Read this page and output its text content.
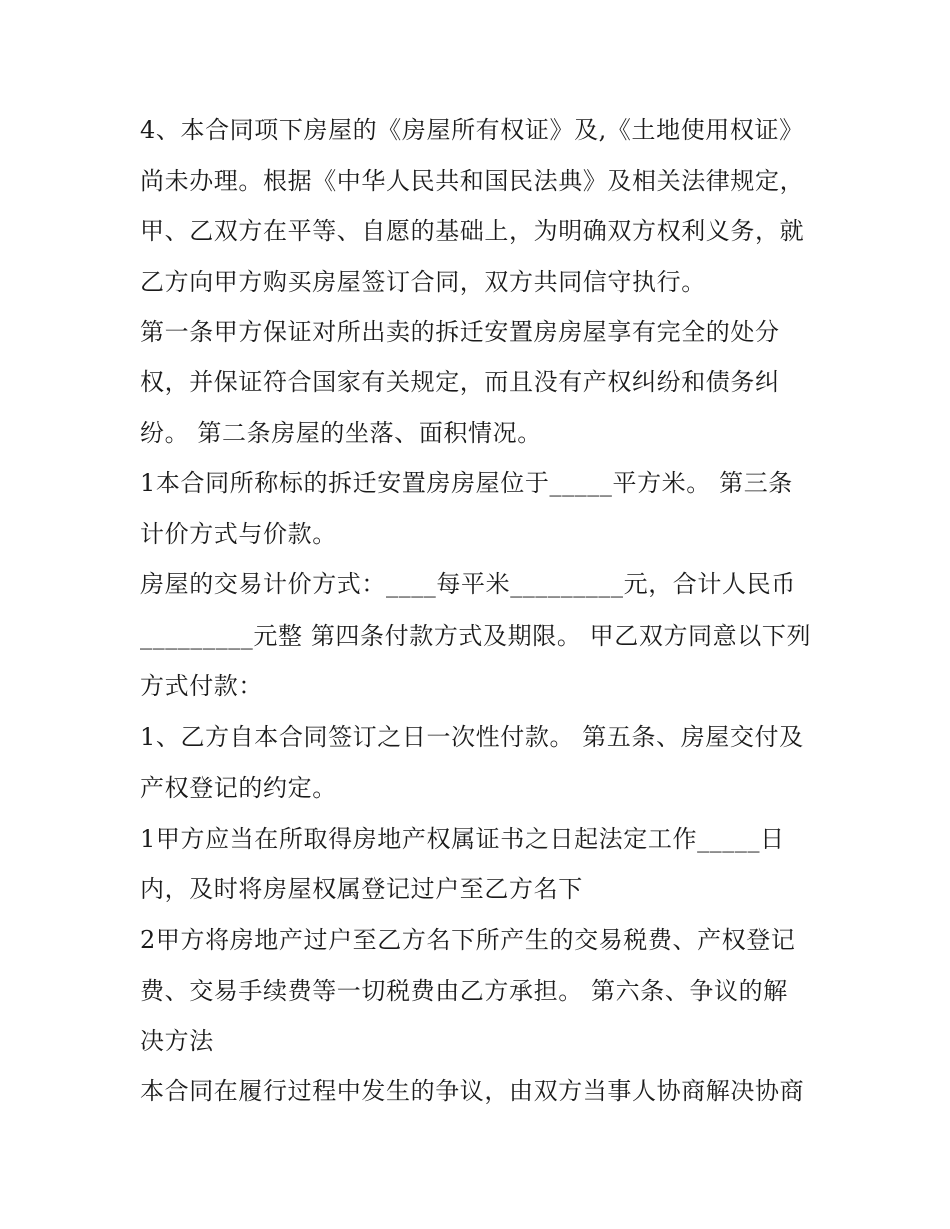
4、本合同项下房屋的《房屋所有权证》及,《土地使用权证》
尚未办理。根据《中华人民共和国民法典》及相关法律规定，
甲、乙双方在平等、自愿的基础上，为明确双方权利义务，就
乙方向甲方购买房屋签订合同，双方共同信守执行。
第一条甲方保证对所出卖的拆迁安置房房屋享有完全的处分
权，并保证符合国家有关规定，而且没有产权纠纷和债务纠
纷。 第二条房屋的坐落、面积情况。
1本合同所称标的拆迁安置房房屋位于_____平方米。 第三条
计价方式与价款。
房屋的交易计价方式：____每平米_________元，合计人民币
_________元整 第四条付款方式及期限。 甲乙双方同意以下列
方式付款：
1、乙方自本合同签订之日一次性付款。 第五条、房屋交付及
产权登记的约定。
1甲方应当在所取得房地产权属证书之日起法定工作_____日
内，及时将房屋权属登记过户至乙方名下
2甲方将房地产过户至乙方名下所产生的交易税费、产权登记
费、交易手续费等一切税费由乙方承担。 第六条、争议的解
决方法
本合同在履行过程中发生的争议，由双方当事人协商解决协商
